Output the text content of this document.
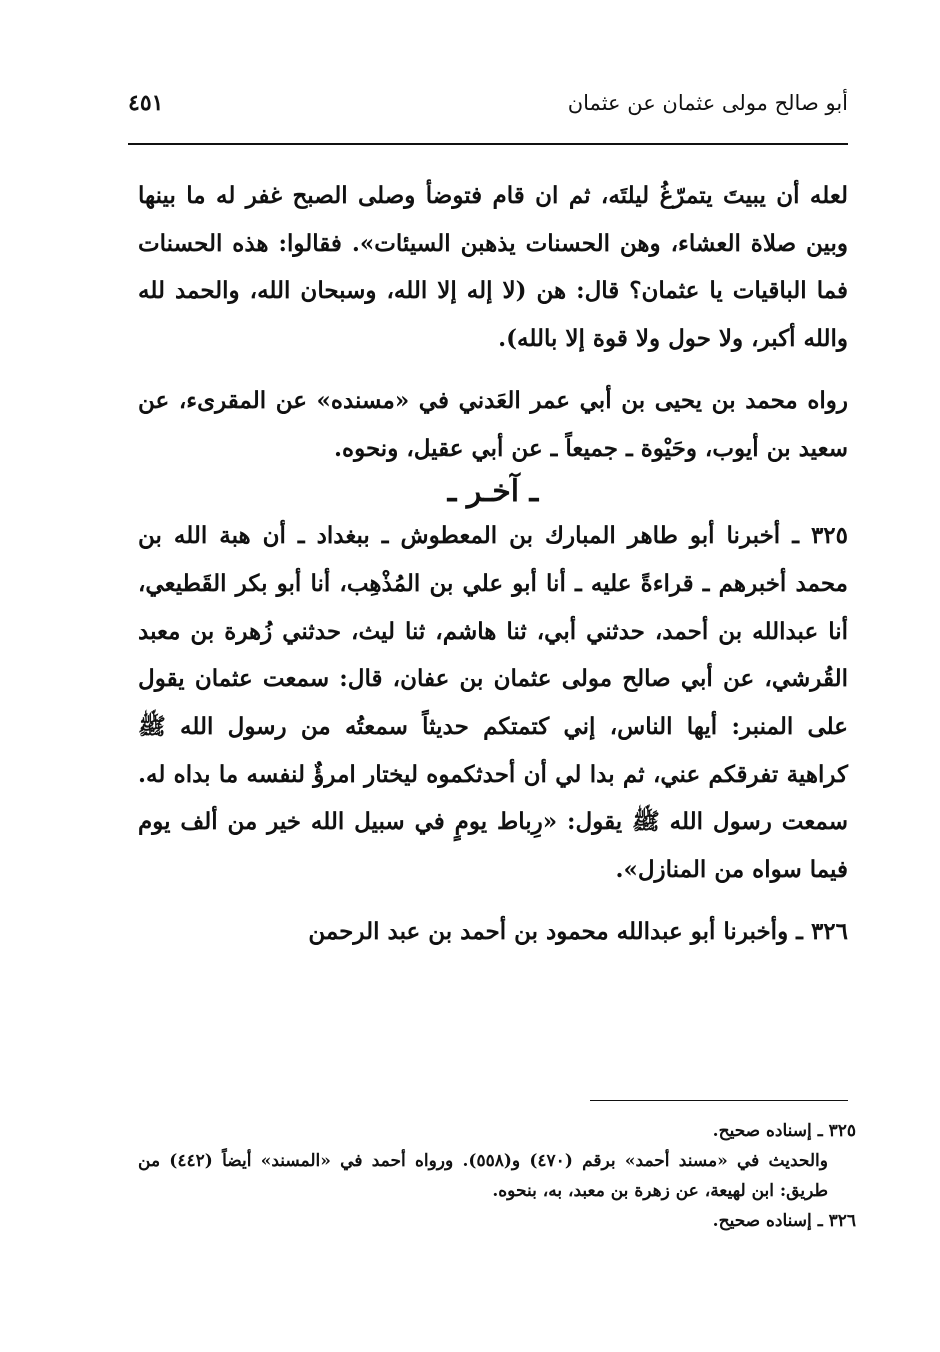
أبو صالح مولى عثمان عن عثمان
٤٥١

لعله أن يبيتَ يتمرّغُ ليلتَه، ثم ان قام فتوضأ وصلى الصبح غفر له ما بينها وبين صلاة العشاء، وهن الحسنات يذهبن السيئات». فقالوا: هذه الحسنات فما الباقيات يا عثمان؟ قال: هن (لا إله إلا الله، وسبحان الله، والحمد لله والله أكبر، ولا حول ولا قوة إلا بالله).

رواه محمد بن يحيى بن أبي عمر العَدني في «مسنده» عن المقرىء، عن سعيد بن أيوب، وحَيْوة ـ جميعاً ـ عن أبي عقيل، ونحوه.

ـ آخـر ـ

٣٢٥ ـ أخبرنا أبو طاهر المبارك بن المعطوش ـ ببغداد ـ أن هبة الله بن محمد أخبرهم ـ قراءةً عليه ـ أنا أبو علي بن المُذْهِب، أنا أبو بكر القَطيعي، أنا عبدالله بن أحمد، حدثني أبي، ثنا هاشم، ثنا ليث، حدثني زُهرة بن معبد القُرشي، عن أبي صالح مولى عثمان بن عفان، قال: سمعت عثمان يقول على المنبر: أيها الناس، إني كتمتكم حديثاً سمعتُه من رسول الله ﷺ كراهية تفرقكم عني، ثم بدا لي أن أحدثكموه ليختار امرؤٌ لنفسه ما بداه له. سمعت رسول الله ﷺ يقول: «رِباط يومٍ في سبيل الله خير من ألف يوم فيما سواه من المنازل».

٣٢٦ ـ وأخبرنا أبو عبدالله محمود بن أحمد بن عبد الرحمن

٣٢٥ ـ إسناده صحيح.

والحديث في «مسند أحمد» برقم (٤٧٠) و(٥٥٨). ورواه أحمد في «المسند» أيضاً (٤٤٢) من طريق: ابن لهيعة، عن زهرة بن معبد، به، بنحوه.

٣٢٦ ـ إسناده صحيح.
